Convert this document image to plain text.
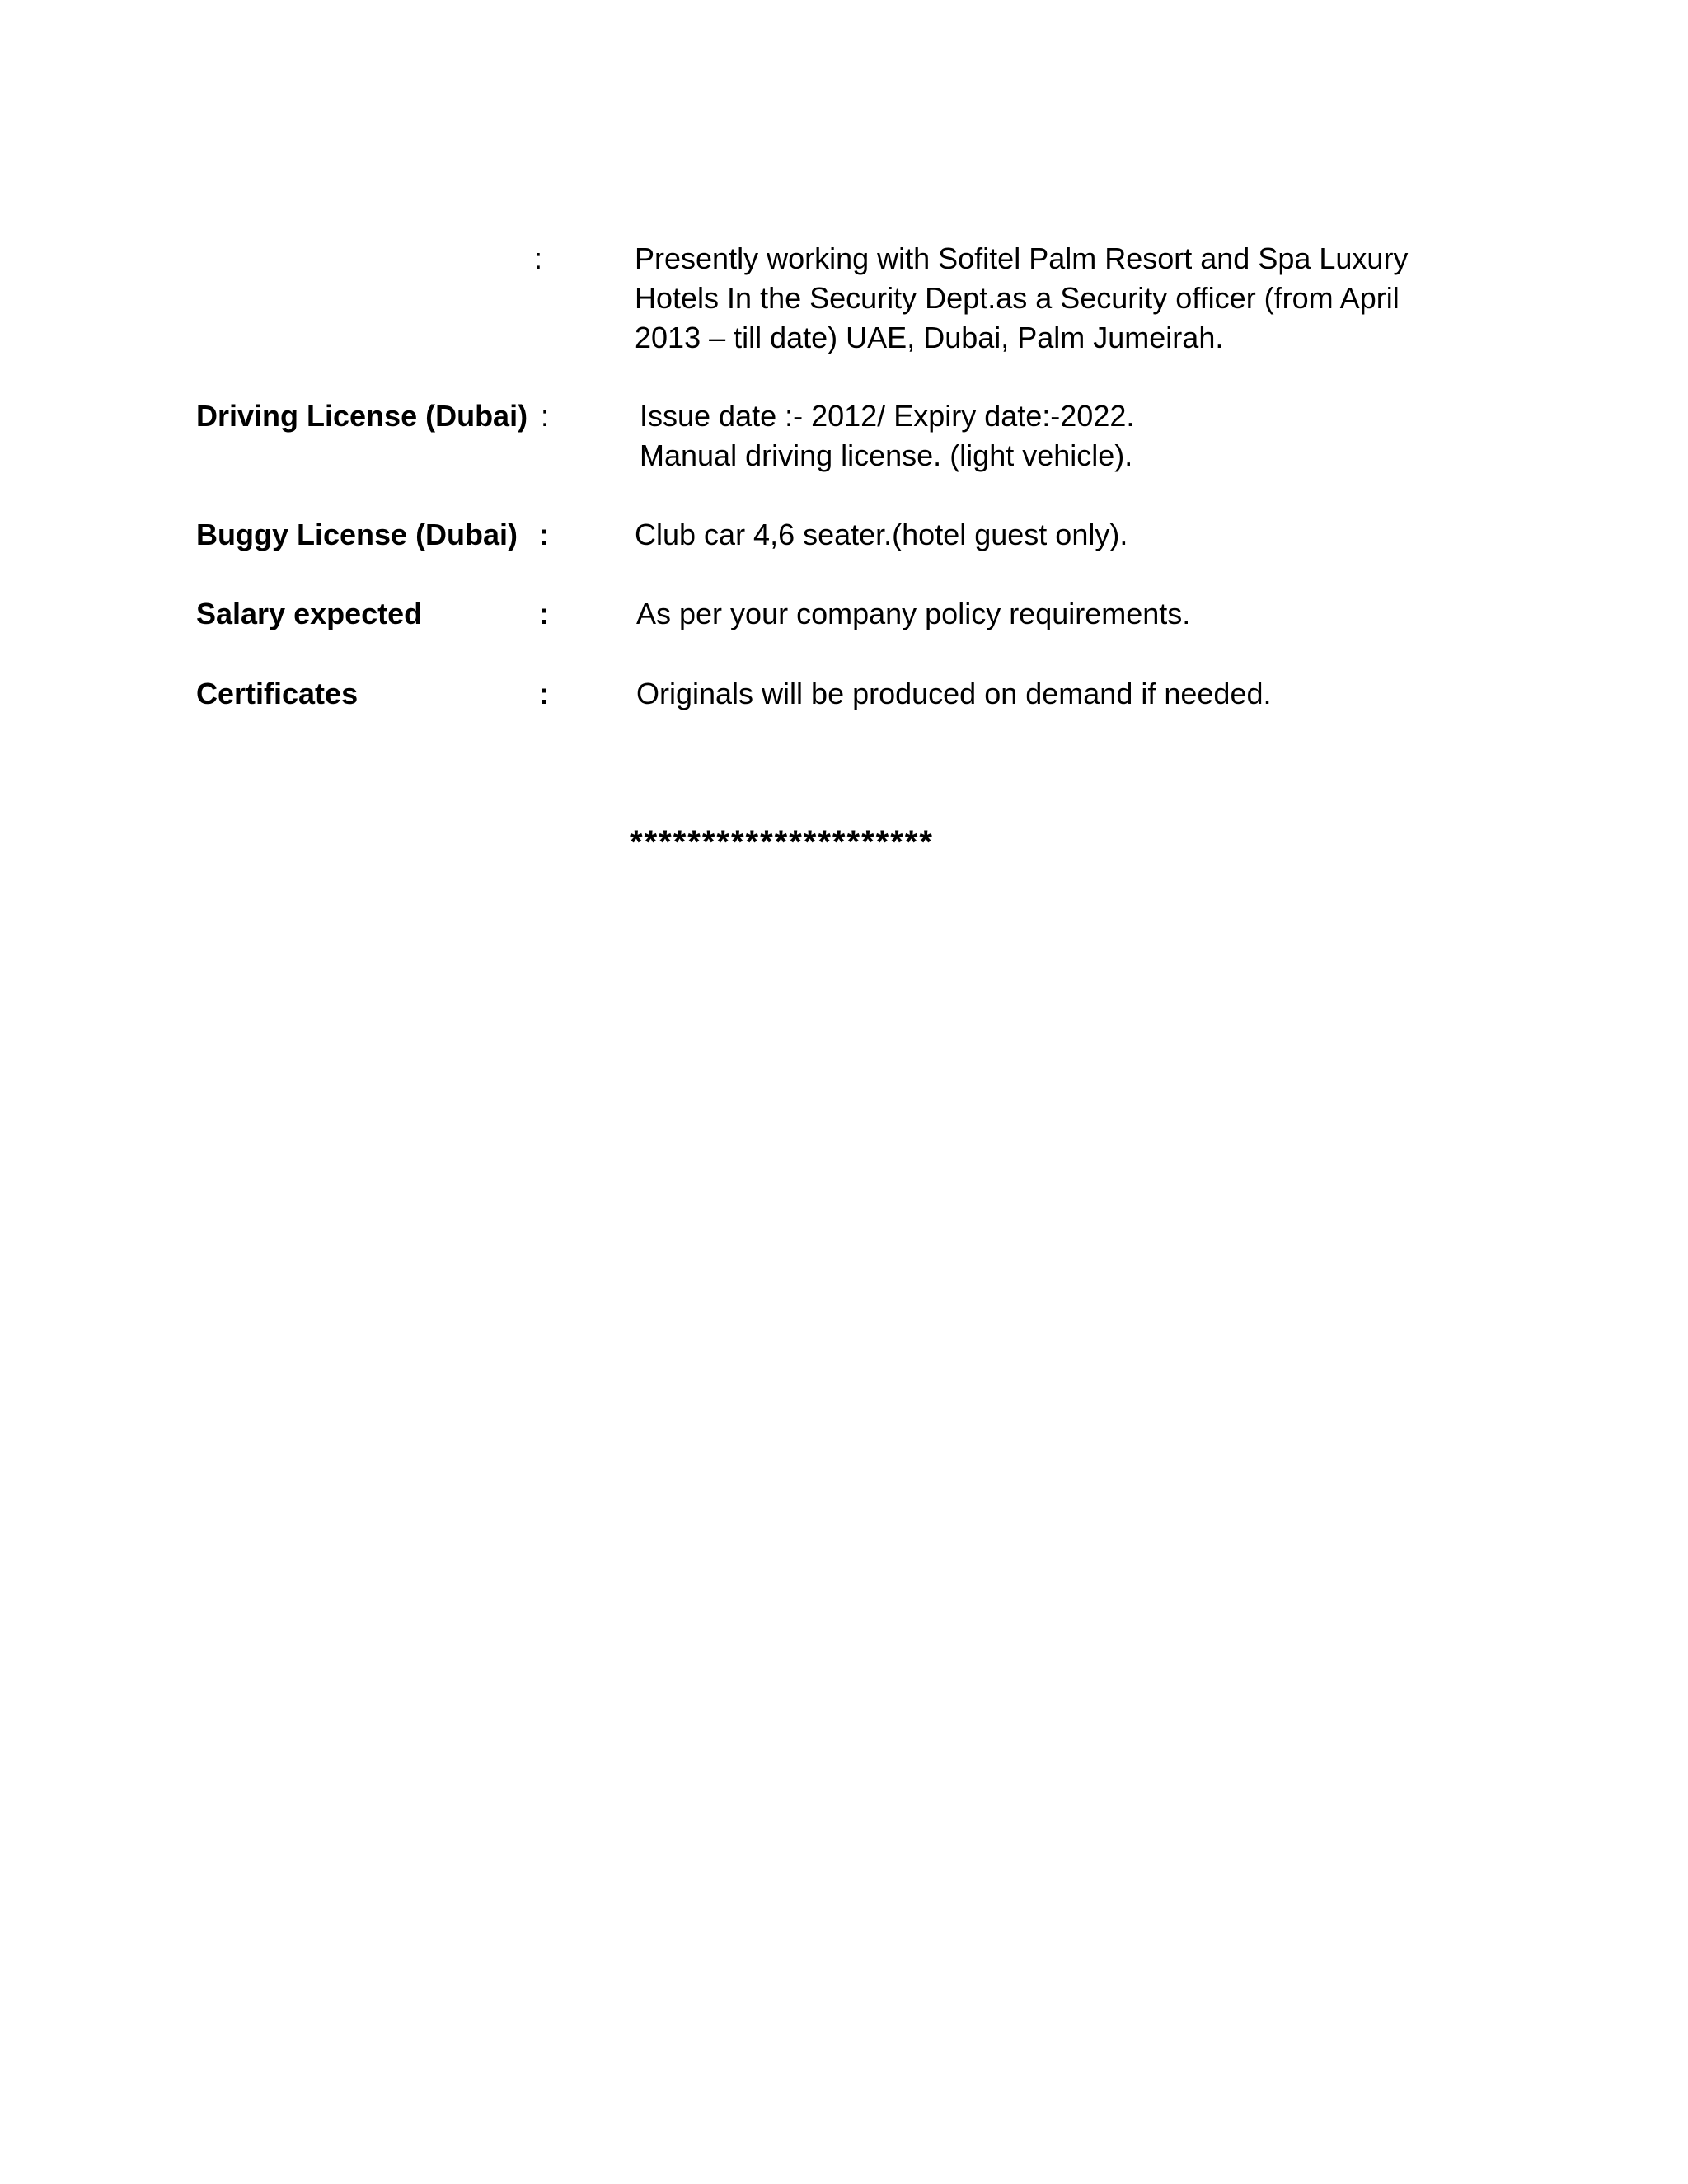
:	Presently working with Sofitel Palm Resort and Spa Luxury
Hotels In the Security Dept.as a Security officer (from April
2013 – till date) UAE, Dubai, Palm Jumeirah.
Driving License (Dubai) :	Issue date :- 2012/ Expiry date:-2022.
Manual driving license. (light vehicle).
Buggy License (Dubai) :	Club car 4,6 seater.(hotel guest only).
Salary expected	:	As per your company policy requirements.
Certificates	:	Originals will be produced on demand if needed.
*********************
